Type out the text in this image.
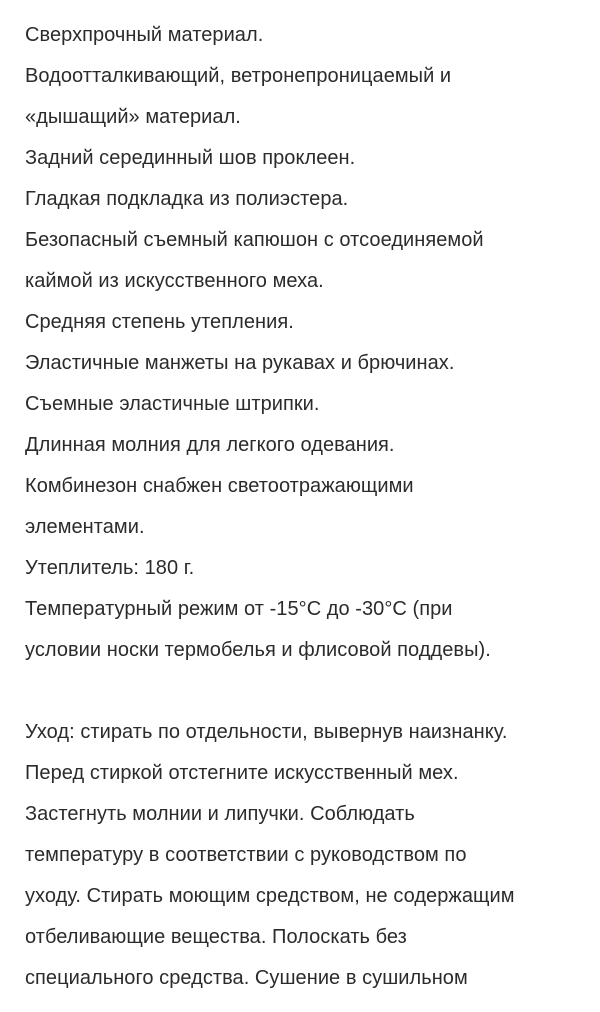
Сверхпрочный материал.

Водоотталкивающий, ветронепроницаемый и
«дышащий» материал.

Задний серединный шов проклеен.

Гладкая подкладка из полиэстера.

Безопасный съемный капюшон с отсоединяемой
каймой из искусственного меха.

Средняя степень утепления.

Эластичные манжеты на рукавах и брючинах.

Съемные эластичные штрипки.

Длинная молния для легкого одевания.

Комбинезон снабжен светоотражающими
элементами.

Утеплитель: 180 г.

Температурный режим от -15°C до -30°C (при
условии носки термобелья и флисовой поддевы).

Уход: стирать по отдельности, вывернув наизнанку.
Перед стиркой отстегните искусственный мех.
Застегнуть молнии и липучки. Соблюдать
температуру в соответствии с руководством по
уходу. Стирать моющим средством, не содержащим
отбеливающие вещества. Полоскать без
специального средства. Сушение в сушильном
